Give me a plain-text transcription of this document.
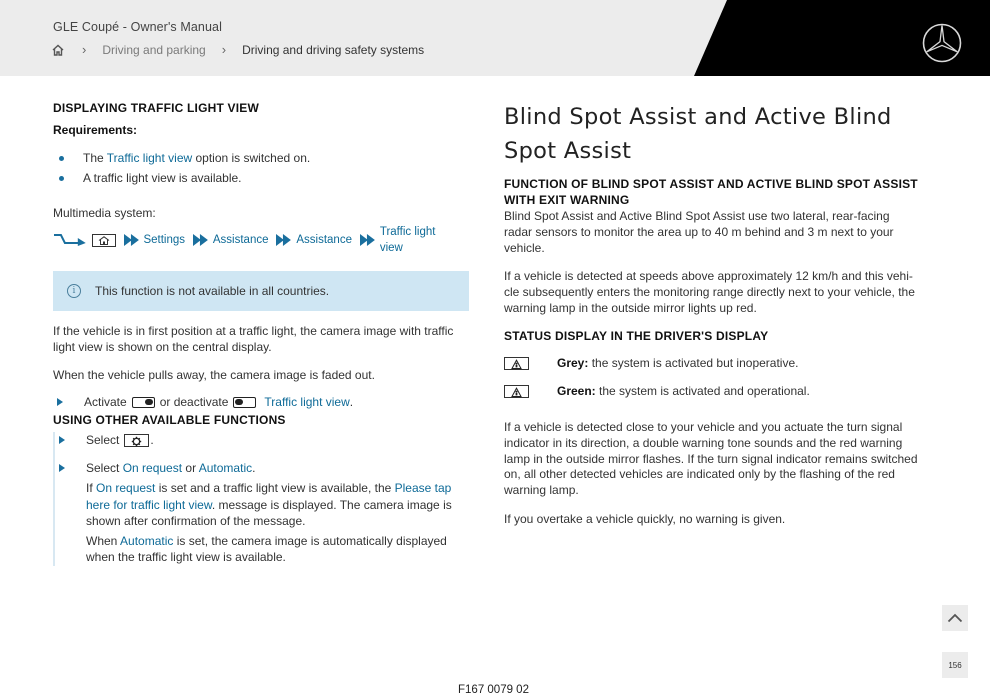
GLE Coupé - Owner's Manual
› Driving and parking › Driving and driving safety systems
DISPLAYING TRAFFIC LIGHT VIEW
Requirements:
The Traffic light view option is switched on.
A traffic light view is available.
Multimedia system:
Settings Assistance Assistance
Traffic light view
i	This function is not available in all countries.
If the vehicle is in first position at a traffic light, the camera image with traffic light view is shown on the central display.
When the vehicle pulls away, the camera image is faded out.
Activate	or deactivate	Traffic light view .
USING OTHER AVAILABLE FUNCTIONS
Select	.
Select On request or Automatic.
If On request is set and a traffic light view is available, the Please tap here for traffic light view. message is displayed. The camera image is shown after confirmation of the message.
When Automatic is set, the camera image is automatically displayed when the traffic light view is available.
Blind Spot Assist and Active Blind Spot Assist
FUNCTION OF BLIND SPOT ASSIST AND ACTIVE BLIND SPOT ASSIST WITH EXIT WARNING
Blind Spot Assist and Active Blind Spot Assist use two lateral, rear-facing radar sensors to monitor the area up to 40 m behind and 3 m next to your vehicle.
If a vehicle is detected at speeds above approximately 12 km/h and this vehicle subsequently enters the monitoring range directly next to your vehicle, the warning lamp in the outside mirror lights up red.
STATUS DISPLAY IN THE DRIVER'S DISPLAY
Grey: the system is activated but inoperative.
Green: the system is activated and operational.
If a vehicle is detected close to your vehicle and you actuate the turn signal indicator in its direction, a double warning tone sounds and the red warning lamp in the outside mirror flashes. If the turn signal indicator remains switched on, all other detected vehicles are indicated only by the flashing of the red warning lamp.
If you overtake a vehicle quickly, no warning is given.
156
F167 0079 02
